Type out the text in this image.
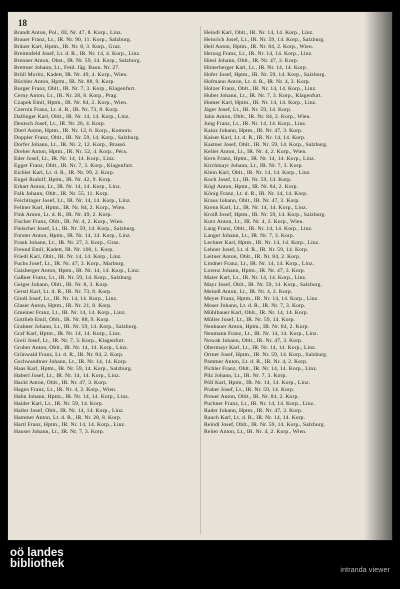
18
Brandt Anton, Pol., III, Nr. 47, 8. Korp., Linz.
Brauer Franz, Lt., IR. Nr. 90, 11. Korp., Salzburg.
Bräuer Karl, Hptm., IR. Nr. 8, 3. Korp., Graz.
Breitenfeld Josef, Lt. d. R., IR. Nr. 14, 4. Korp., Linz.
Brenner Anton, Obst., IR. Nr. 59, 14. Korp., Salzburg.
Brettner Johann, Lt., Feld. Jäg. Baon. Nr. 27.
Brüll Moritz, Kadett, IR. Nr. 49, 4. Korp., Wien.
Büchler Anton, Hptm., IR. Nr. 88, 9. Korp.
Burger Franz, Oblt., IR. Nr. 7, 3. Korp., Klagenfurt.
Cerny Anton, Lt., IR. Nr. 28, 8. Korp., Prag.
Czapek Emil, Hptm., IR. Nr. 84, 2. Korp., Wien.
Czernin Franz, Lt. d. R., IR. Nr. 73, 8. Korp.
Dallinger Karl, Oblt., IR. Nr. 14, 14. Korp., Linz.
Deutsch Josef, Lt., IR. Nr. 26, 4. Korp.
Dierl Anton, Hptm., IR. Nr. 12, 6. Korp., Komorn.
Doppler Franz, Oblt., IR. Nr. 59, 14. Korp., Salzburg.
Dorfer Johann, Lt., IR. Nr. 2, 12. Korp., Brassó.
Dreher Anton, Hptm., IR. Nr. 52, 4. Korp., Pécs.
Eder Josef, Lt., IR. Nr. 14, 14. Korp., Linz.
Egger Franz, Oblt., IR. Nr. 7, 3. Korp., Klagenfurt.
Eichler Karl, Lt. d. R., IR. Nr. 99, 2. Korp.
Engel Rudolf, Hptm., IR. Nr. 42, 9. Korp.
Erhart Anton, Lt., IR. Nr. 14, 14. Korp., Linz.
Falk Johann, Oblt., IR. Nr. 55, 11. Korp.
Feichtinger Josef, Lt., IR. Nr. 14, 14. Korp., Linz.
Fellner Karl, Hptm., IR. Nr. 84, 2. Korp., Wien.
Fink Anton, Lt. d. R., IR. Nr. 49, 2. Korp.
Fischer Franz, Oblt., IR. Nr. 4, 2. Korp., Wien.
Fleischer Josef, Lt., IR. Nr. 59, 14. Korp., Salzburg.
Forster Anton, Hptm., IR. Nr. 14, 14. Korp., Linz.
Frank Johann, Lt., IR. Nr. 27, 3. Korp., Graz.
Freund Emil, Kadett, IR. Nr. 100, 1. Korp.
Friedl Karl, Oblt., IR. Nr. 14, 14. Korp., Linz.
Fuchs Josef, Lt., IR. Nr. 47, 3. Korp., Marburg.
Gaisberger Anton, Hptm., IR. Nr. 14, 14. Korp., Linz.
Gaßner Franz, Lt., IR. Nr. 59, 14. Korp., Salzburg.
Geiger Johann, Oblt., IR. Nr. 8, 3. Korp.
Gerstl Karl, Lt. d. R., IR. Nr. 73, 8. Korp.
Gindl Josef, Lt., IR. Nr. 14, 14. Korp., Linz.
Glaser Anton, Hptm., IR. Nr. 21, 8. Korp.
Gmeiner Franz, Lt., IR. Nr. 14, 14. Korp., Linz.
Gottlieb Emil, Oblt., IR. Nr. 88, 9. Korp.
Grabner Johann, Lt., IR. Nr. 59, 14. Korp., Salzburg.
Graf Karl, Hptm., IR. Nr. 14, 14. Korp., Linz.
Greil Josef, Lt., IR. Nr. 7, 3. Korp., Klagenfurt.
Gruber Anton, Oblt., IR. Nr. 14, 14. Korp., Linz.
Grünwald Franz, Lt. d. R., IR. Nr. 84, 2. Korp.
Gschwandtner Johann, Lt., IR. Nr. 14, 14. Korp.
Haas Karl, Hptm., IR. Nr. 59, 14. Korp., Salzburg.
Haberl Josef, Lt., IR. Nr. 14, 14. Korp., Linz.
Hackl Anton, Oblt., IR. Nr. 47, 3. Korp.
Hagen Franz, Lt., IR. Nr. 4, 2. Korp., Wien.
Hahn Johann, Hptm., IR. Nr. 14, 14. Korp., Linz.
Haider Karl, Lt., IR. Nr. 59, 14. Korp.
Haller Josef, Oblt., IR. Nr. 14, 14. Korp., Linz.
Hammer Anton, Lt. d. R., IR. Nr. 28, 8. Korp.
Hartl Franz, Hptm., IR. Nr. 14, 14. Korp., Linz.
Hauser Johann, Lt., IR. Nr. 7, 3. Korp.
Heindl Karl, Oblt., IR. Nr. 14, 14. Korp., Linz.
Heinrich Josef, Lt., IR. Nr. 59, 14. Korp., Salzburg.
Hell Anton, Hptm., IR. Nr. 84, 2. Korp., Wien.
Herzog Franz, Lt., IR. Nr. 14, 14. Korp., Linz.
Hiesl Johann, Oblt., IR. Nr. 47, 3. Korp.
Hinterberger Karl, Lt., IR. Nr. 14, 14. Korp.
Hofer Josef, Hptm., IR. Nr. 59, 14. Korp., Salzburg.
Hofmann Anton, Lt. d. R., IR. Nr. 4, 2. Korp.
Holzer Franz, Oblt., IR. Nr. 14, 14. Korp., Linz.
Huber Johann, Lt., IR. Nr. 7, 3. Korp., Klagenfurt.
Humer Karl, Hptm., IR. Nr. 14, 14. Korp., Linz.
Jäger Josef, Lt., IR. Nr. 59, 14. Korp.
Jahn Anton, Oblt., IR. Nr. 84, 2. Korp., Wien.
Jung Franz, Lt., IR. Nr. 14, 14. Korp., Linz.
Kainz Johann, Hptm., IR. Nr. 47, 3. Korp.
Kaiser Karl, Lt. d. R., IR. Nr. 14, 14. Korp.
Kastner Josef, Oblt., IR. Nr. 59, 14. Korp., Salzburg.
Keller Anton, Lt., IR. Nr. 4, 2. Korp., Wien.
Kern Franz, Hptm., IR. Nr. 14, 14. Korp., Linz.
Kirchmayr Johann, Lt., IR. Nr. 7, 3. Korp.
Klein Karl, Oblt., IR. Nr. 14, 14. Korp., Linz.
Koch Josef, Lt., IR. Nr. 59, 14. Korp.
Kögl Anton, Hptm., IR. Nr. 84, 2. Korp.
König Franz, Lt. d. R., IR. Nr. 14, 14. Korp.
Kraus Johann, Oblt., IR. Nr. 47, 3. Korp.
Krenn Karl, Lt., IR. Nr. 14, 14. Korp., Linz.
Kroiß Josef, Hptm., IR. Nr. 59, 14. Korp., Salzburg.
Kurz Anton, Lt., IR. Nr. 4, 2. Korp., Wien.
Lang Franz, Oblt., IR. Nr. 14, 14. Korp., Linz.
Langer Johann, Lt., IR. Nr. 7, 3. Korp.
Lechner Karl, Hptm., IR. Nr. 14, 14. Korp., Linz.
Lehner Josef, Lt. d. R., IR. Nr. 59, 14. Korp.
Leitner Anton, Oblt., IR. Nr. 84, 2. Korp.
Lindner Franz, Lt., IR. Nr. 14, 14. Korp., Linz.
Lorenz Johann, Hptm., IR. Nr. 47, 3. Korp.
Maier Karl, Lt., IR. Nr. 14, 14. Korp., Linz.
Mayr Josef, Oblt., IR. Nr. 59, 14. Korp., Salzburg.
Meindl Anton, Lt., IR. Nr. 4, 2. Korp.
Meyer Franz, Hptm., IR. Nr. 14, 14. Korp., Linz.
Moser Johann, Lt. d. R., IR. Nr. 7, 3. Korp.
Mühlbauer Karl, Oblt., IR. Nr. 14, 14. Korp.
Müller Josef, Lt., IR. Nr. 59, 14. Korp.
Neubauer Anton, Hptm., IR. Nr. 84, 2. Korp.
Neumann Franz, Lt., IR. Nr. 14, 14. Korp., Linz.
Nowak Johann, Oblt., IR. Nr. 47, 3. Korp.
Obermayr Karl, Lt., IR. Nr. 14, 14. Korp., Linz.
Ortner Josef, Hptm., IR. Nr. 59, 14. Korp., Salzburg.
Pammer Anton, Lt. d. R., IR. Nr. 4, 2. Korp.
Pichler Franz, Oblt., IR. Nr. 14, 14. Korp., Linz.
Pilz Johann, Lt., IR. Nr. 7, 3. Korp.
Pöll Karl, Hptm., IR. Nr. 14, 14. Korp., Linz.
Praher Josef, Lt., IR. Nr. 59, 14. Korp.
Preuer Anton, Oblt., IR. Nr. 84, 2. Korp.
Puchner Franz, Lt., IR. Nr. 14, 14. Korp., Linz.
Rader Johann, Hptm., IR. Nr. 47, 3. Korp.
Rauch Karl, Lt. d. R., IR. Nr. 14, 14. Korp.
Reindl Josef, Oblt., IR. Nr. 59, 14. Korp., Salzburg.
Reiter Anton, Lt., IR. Nr. 4, 2. Korp., Wien.
oö landes
bibliothek
intranda viewer
